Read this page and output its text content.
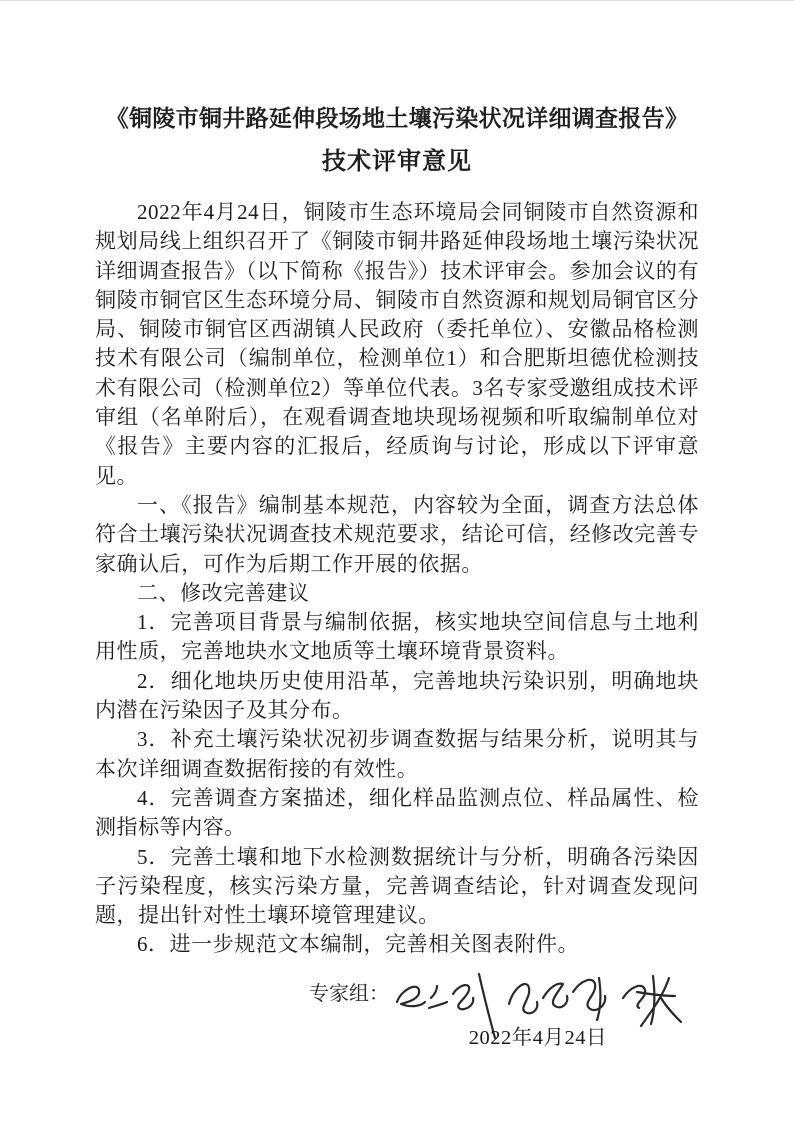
《铜陵市铜井路延伸段场地土壤污染状况详细调查报告》
技术评审意见

2022年4月24日，铜陵市生态环境局会同铜陵市自然资源和规划局线上组织召开了《铜陵市铜井路延伸段场地土壤污染状况详细调查报告》（以下简称《报告》）技术评审会。参加会议的有铜陵市铜官区生态环境分局、铜陵市自然资源和规划局铜官区分局、铜陵市铜官区西湖镇人民政府（委托单位）、安徽品格检测技术有限公司（编制单位，检测单位1）和合肥斯坦德优检测技术有限公司（检测单位2）等单位代表。3名专家受邀组成技术评审组（名单附后），在观看调查地块现场视频和听取编制单位对《报告》主要内容的汇报后，经质询与讨论，形成以下评审意见。

一、《报告》编制基本规范，内容较为全面，调查方法总体符合土壤污染状况调查技术规范要求，结论可信，经修改完善专家确认后，可作为后期工作开展的依据。

二、修改完善建议

1．完善项目背景与编制依据，核实地块空间信息与土地利用性质，完善地块水文地质等土壤环境背景资料。

2．细化地块历史使用沿革，完善地块污染识别，明确地块内潜在污染因子及其分布。

3．补充土壤污染状况初步调查数据与结果分析，说明其与本次详细调查数据衔接的有效性。

4．完善调查方案描述，细化样品监测点位、样品属性、检测指标等内容。

5．完善土壤和地下水检测数据统计与分析，明确各污染因子污染程度，核实污染方量，完善调查结论，针对调查发现问题，提出针对性土壤环境管理建议。

6．进一步规范文本编制，完善相关图表附件。

专家组：
2022年4月24日
